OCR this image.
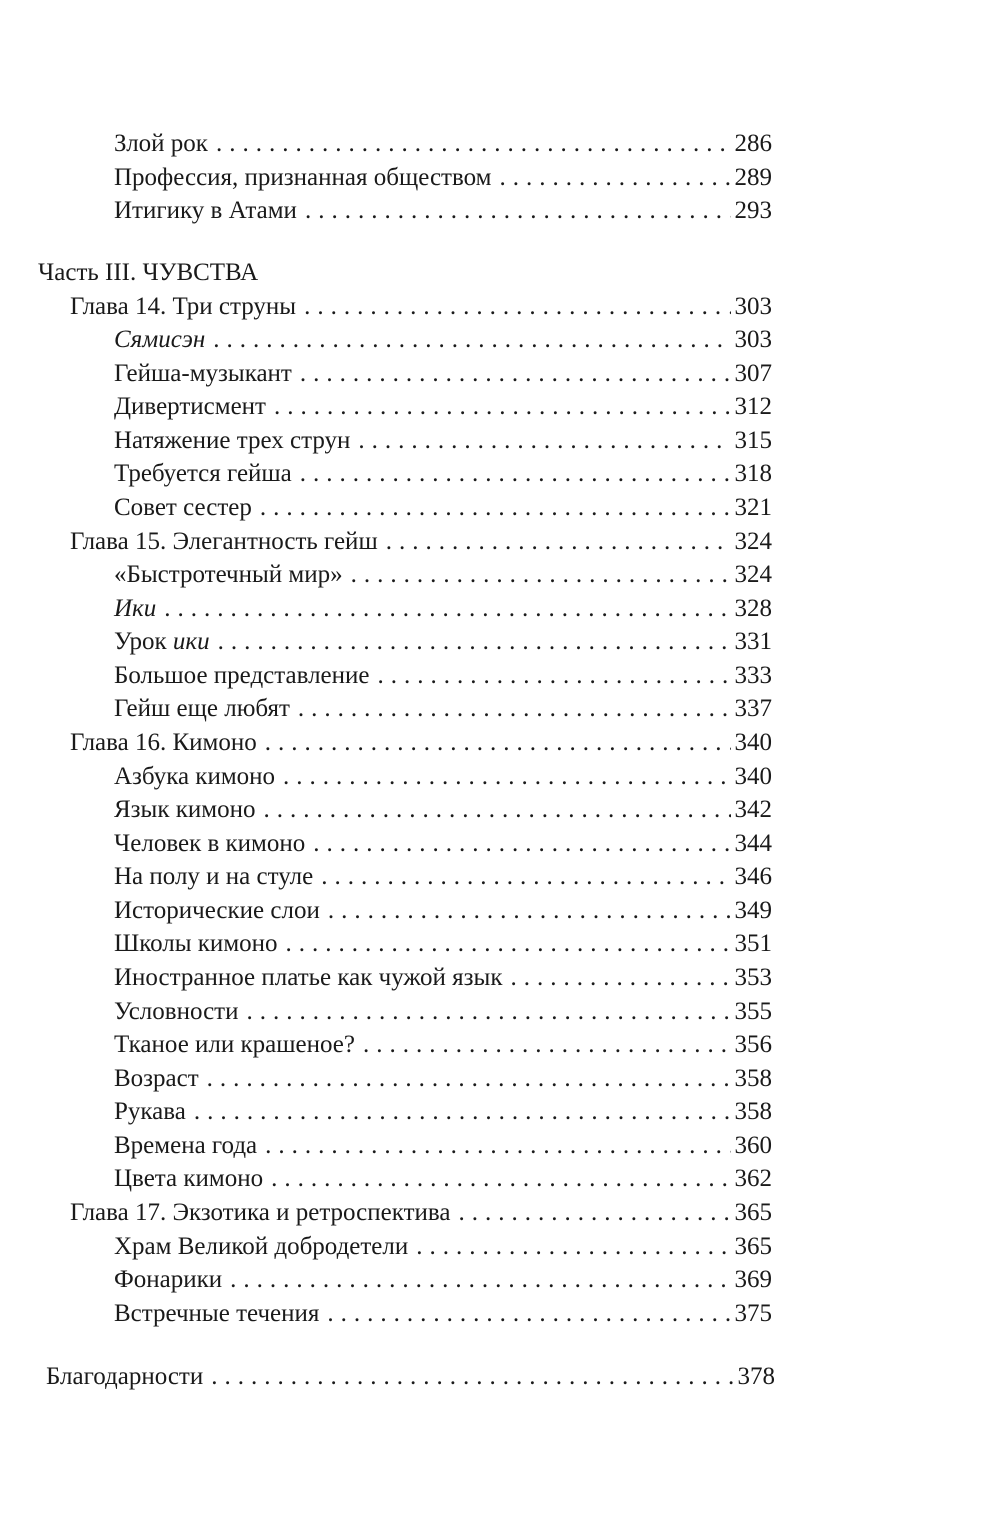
Злой рок .....	286
Профессия, признанная обществом .....	289
Итигику в Атами .....	293
Часть III. ЧУВСТВА
Глава 14. Три струны .....	303
Сямисэн .....	303
Гейша-музыкант .....	307
Дивертисмент .....	312
Натяжение трех струн .....	315
Требуется гейша .....	318
Совет сестер .....	321
Глава 15. Элегантность гейш .....	324
«Быстротечный мир» .....	324
Ики .....	328
Урок ики .....	331
Большое представление .....	333
Гейш еще любят .....	337
Глава 16. Кимоно .....	340
Азбука кимоно .....	340
Язык кимоно .....	342
Человек в кимоно .....	344
На полу и на стуле .....	346
Исторические слои .....	349
Школы кимоно .....	351
Иностранное платье как чужой язык .....	353
Условности .....	355
Тканое или крашеное? .....	356
Возраст .....	358
Рукава .....	358
Времена года .....	360
Цвета кимоно .....	362
Глава 17. Экзотика и ретроспектива .....	365
Храм Великой добродетели .....	365
Фонарики .....	369
Встречные течения .....	375
Благодарности .....	378
